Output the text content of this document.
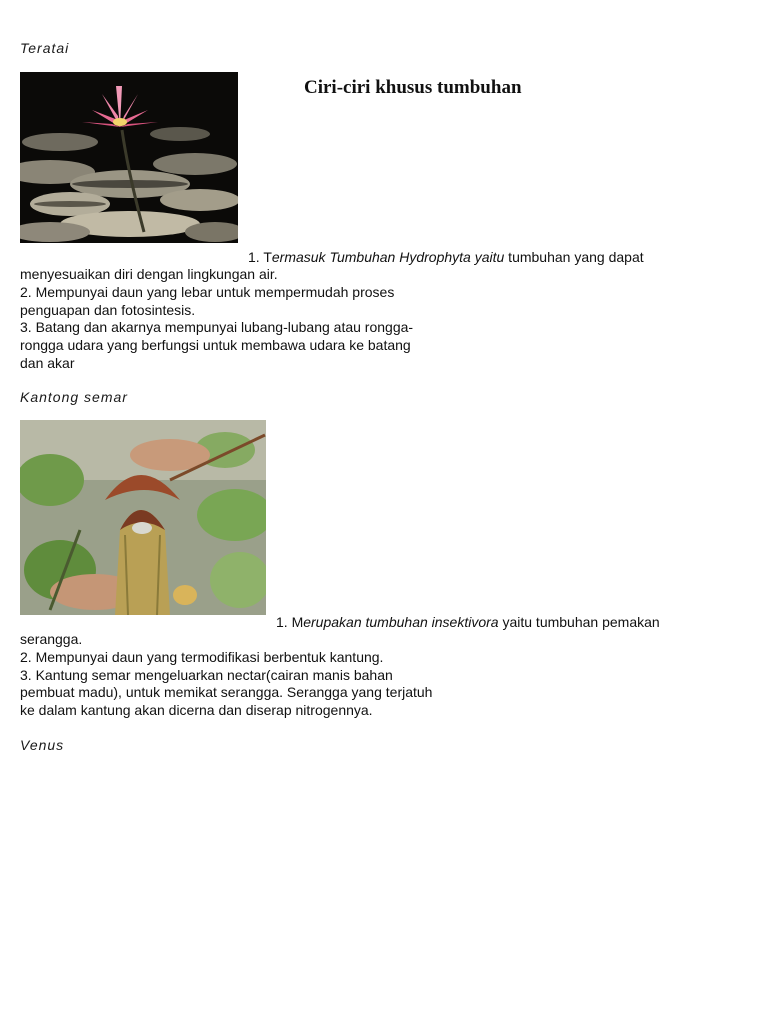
Teratai
Ciri-ciri khusus tumbuhan
1. Termasuk Tumbuhan Hydrophyta yaitu tumbuhan yang dapat
menyesuaikan diri dengan lingkungan air.
2. Mempunyai daun yang lebar untuk mempermudah proses
penguapan dan fotosintesis.
3. Batang dan akarnya mempunyai lubang-lubang atau rongga-
rongga udara yang berfungsi untuk membawa udara ke batang
dan akar
Kantong semar
1. Merupakan tumbuhan insektivora yaitu tumbuhan pemakan
serangga.
2. Mempunyai daun yang termodifikasi berbentuk kantung.
3. Kantung semar mengeluarkan nectar(cairan manis bahan
pembuat madu), untuk memikat serangga. Serangga yang terjatuh
ke dalam kantung akan dicerna dan diserap nitrogennya.
Venus
